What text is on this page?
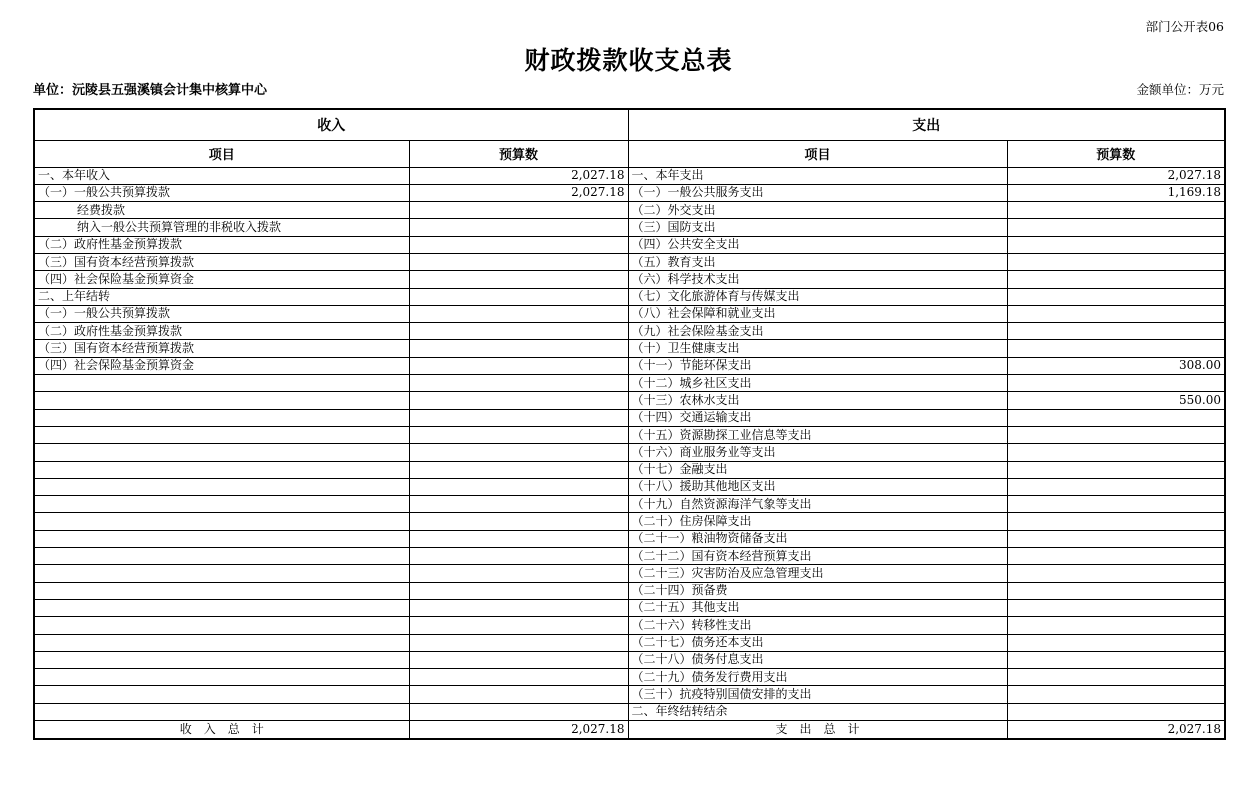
部门公开表06
财政拨款收支总表
单位：沅陵县五强溪镇会计集中核算中心	金额单位：万元
收入		支出	
项目	预算数	项目	预算数
一、本年收入	2,027.18	一、本年支出	2,027.18
（一）一般公共预算拨款	2,027.18	（一）一般公共服务支出	1,169.18
经费拨款		（二）外交支出	
纳入一般公共预算管理的非税收入拨款		（三）国防支出	
（二）政府性基金预算拨款		（四）公共安全支出	
（三）国有资本经营预算拨款		（五）教育支出	
（四）社会保险基金预算资金		（六）科学技术支出	
二、上年结转		（七）文化旅游体育与传媒支出	
（一）一般公共预算拨款		（八）社会保障和就业支出	
（二）政府性基金预算拨款		（九）社会保险基金支出	
（三）国有资本经营预算拨款		（十）卫生健康支出	
（四）社会保险基金预算资金		（十一）节能环保支出	308.00
		（十二）城乡社区支出	
		（十三）农林水支出	550.00
		（十四）交通运输支出	
		（十五）资源勘探工业信息等支出	
		（十六）商业服务业等支出	
		（十七）金融支出	
		（十八）援助其他地区支出	
		（十九）自然资源海洋气象等支出	
		（二十）住房保障支出	
		（二十一）粮油物资储备支出	
		（二十二）国有资本经营预算支出	
		（二十三）灾害防治及应急管理支出	
		（二十四）预备费	
		（二十五）其他支出	
		（二十六）转移性支出	
		（二十七）债务还本支出	
		（二十八）债务付息支出	
		（二十九）债务发行费用支出	
		（三十）抗疫特别国债安排的支出	
		二、年终结转结余	
收　入　总　计	2,027.18	支　出　总　计	2,027.18
